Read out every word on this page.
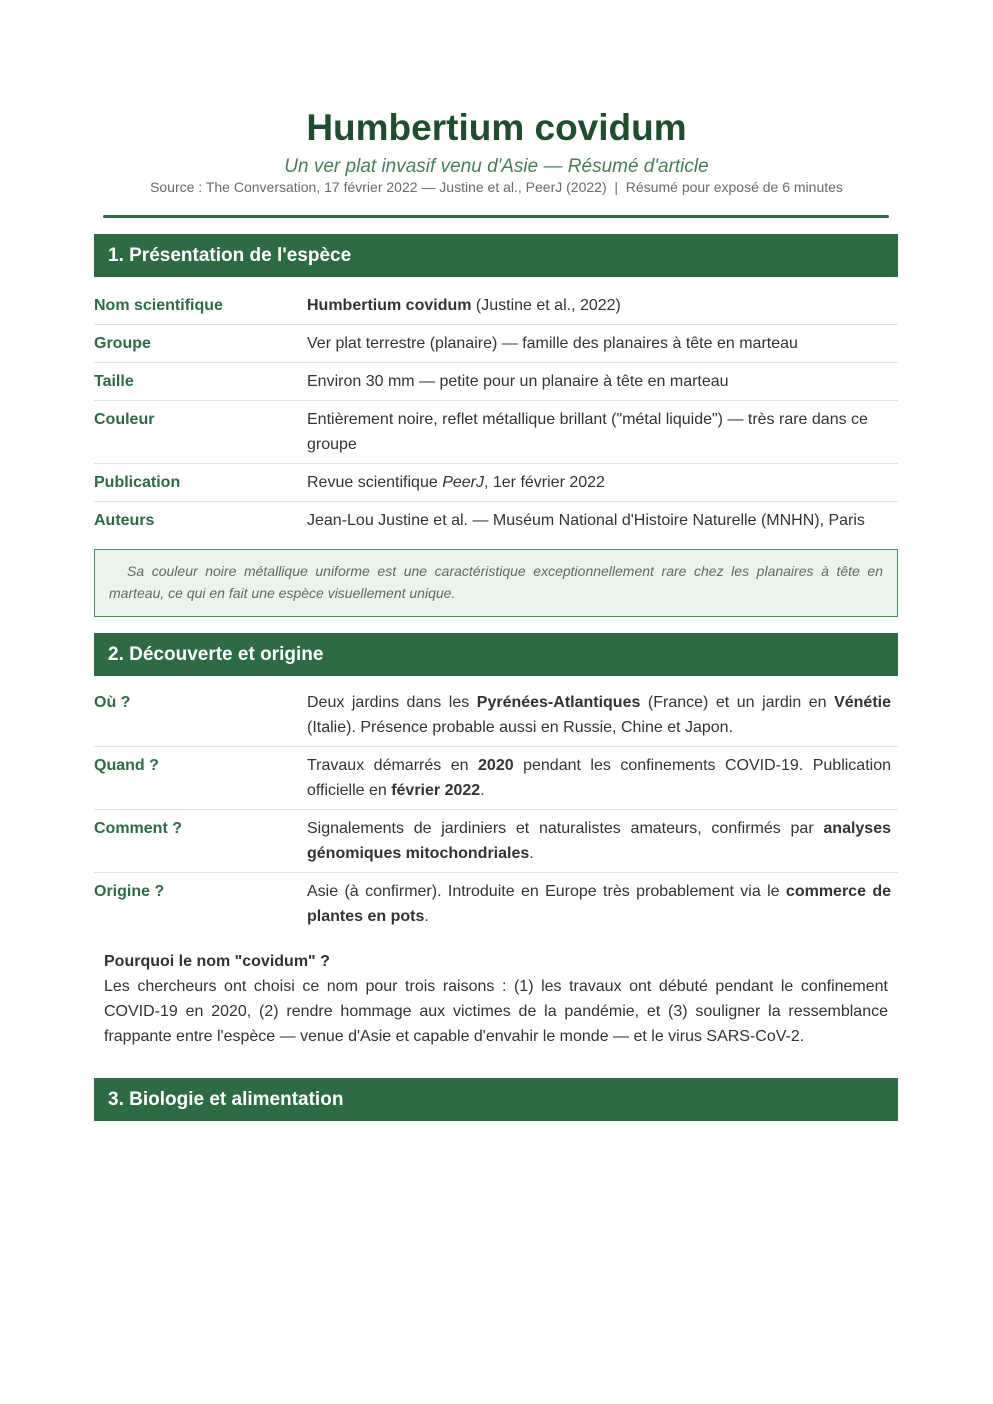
Humbertium covidum

Un ver plat invasif venu d'Asie — Résumé d'article

Source : The Conversation, 17 février 2022 — Justine et al., PeerJ (2022)  |  Résumé pour exposé de 6 minutes

1. Présentation de l'espèce
Nom scientifique	Humbertium covidum (Justine et al., 2022)
Groupe	Ver plat terrestre (planaire) — famille des planaires à tête en marteau
Taille	Environ 30 mm — petite pour un planaire à tête en marteau
Couleur	Entièrement noire, reflet métallique brillant ("métal liquide") — très rare dans ce groupe
Publication	Revue scientifique PeerJ, 1er février 2022
Auteurs	Jean-Lou Justine et al. — Muséum National d'Histoire Naturelle (MNHN), Paris
Sa couleur noire métallique uniforme est une caractéristique exceptionnellement rare chez les planaires à tête en marteau, ce qui en fait une espèce visuellement unique.
2. Découverte et origine
Où ?	Deux jardins dans les Pyrénées-Atlantiques (France) et un jardin en Vénétie (Italie). Présence probable aussi en Russie, Chine et Japon.
Quand ?	Travaux démarrés en 2020 pendant les confinements COVID-19. Publication officielle en février 2022.
Comment ?	Signalements de jardiniers et naturalistes amateurs, confirmés par analyses génomiques mitochondriales.
Origine ?	Asie (à confirmer). Introduite en Europe très probablement via le commerce de plantes en pots.
Pourquoi le nom "covidum" ?
Les chercheurs ont choisi ce nom pour trois raisons : (1) les travaux ont débuté pendant le confinement COVID-19 en 2020, (2) rendre hommage aux victimes de la pandémie, et (3) souligner la ressemblance frappante entre l'espèce — venue d'Asie et capable d'envahir le monde — et le virus SARS-CoV-2.
3. Biologie et alimentation
